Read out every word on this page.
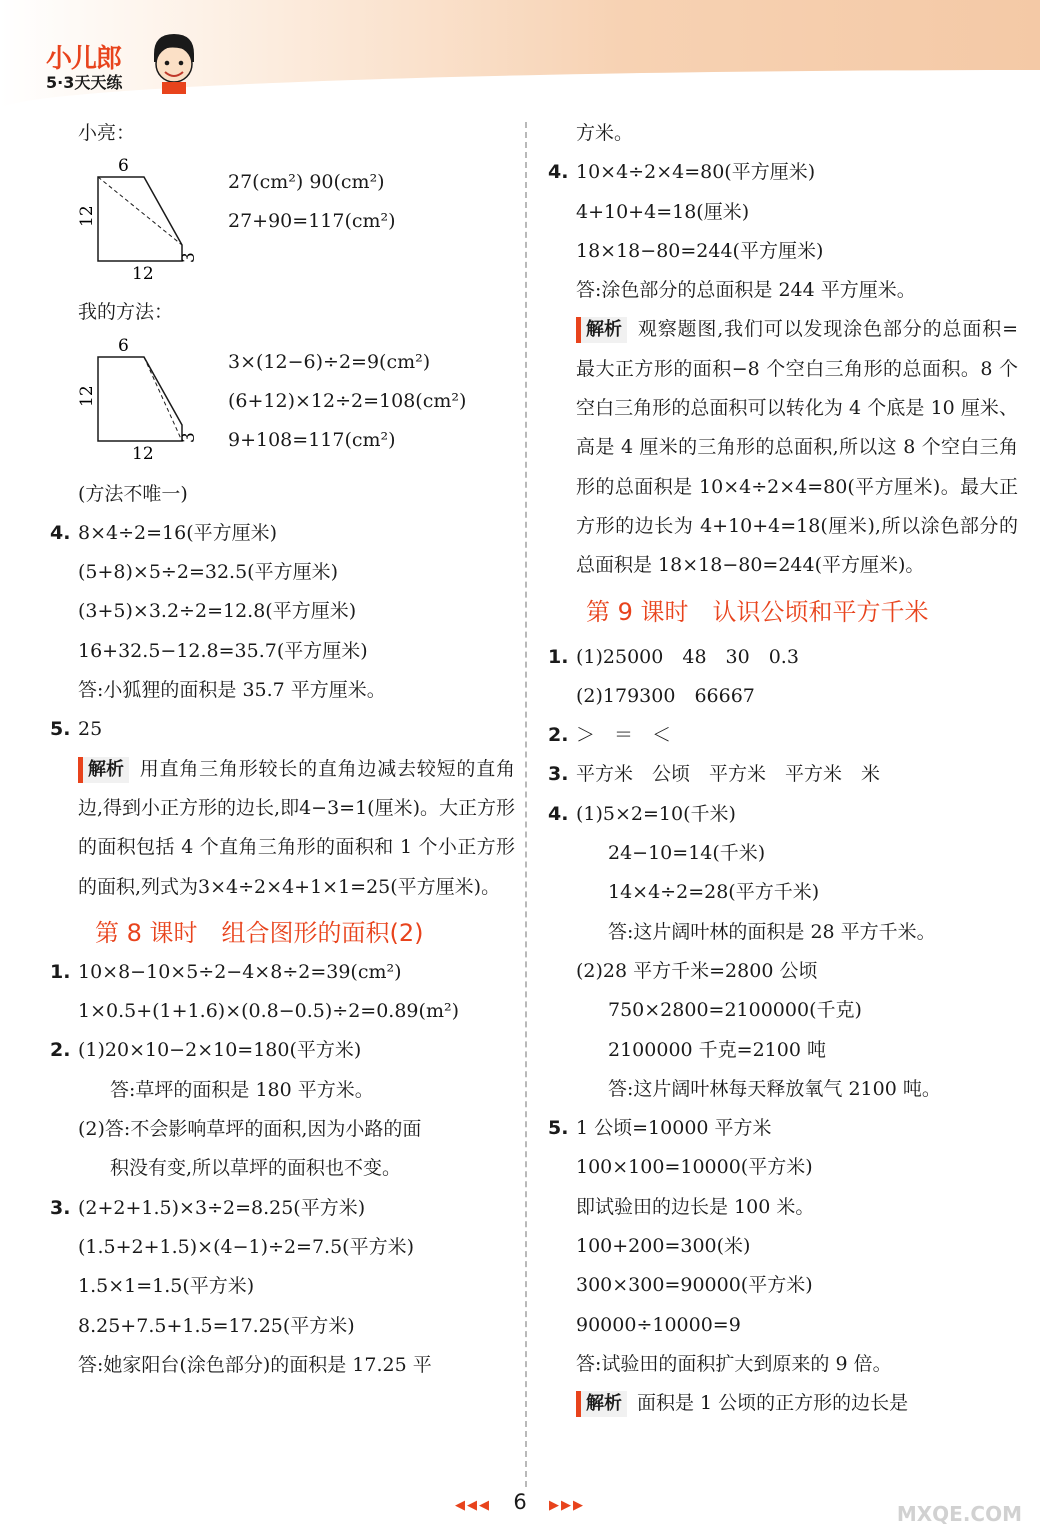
小儿郎
5·3天天练
小亮：
6
12
12
3
27(cm²) 90(cm²)
27+90=117(cm²)
我的方法：
6
12
12
3
3×(12−6)÷2=9(cm²)
(6+12)×12÷2=108(cm²)
9+108=117(cm²)
(方法不唯一)
4. 8×4÷2=16(平方厘米)
(5+8)×5÷2=32.5(平方厘米)
(3+5)×3.2÷2=12.8(平方厘米)
16+32.5−12.8=35.7(平方厘米)
答:小狐狸的面积是 35.7 平方厘米。
5. 25
解析 用直角三角形较长的直角边减去较短的直角边,得到小正方形的边长,即4−3=1(厘米)。大正方形的面积包括 4 个直角三角形的面积和 1 个小正方形的面积,列式为3×4÷2×4+1×1=25(平方厘米)。
第 8 课时　组合图形的面积(2)
1. 10×8−10×5÷2−4×8÷2=39(cm²)
1×0.5+(1+1.6)×(0.8−0.5)÷2=0.89(m²)
2. (1)20×10−2×10=180(平方米)
答:草坪的面积是 180 平方米。
(2)答:不会影响草坪的面积,因为小路的面
积没有变,所以草坪的面积也不变。
3. (2+2+1.5)×3÷2=8.25(平方米)
(1.5+2+1.5)×(4−1)÷2=7.5(平方米)
1.5×1=1.5(平方米)
8.25+7.5+1.5=17.25(平方米)
答:她家阳台(涂色部分)的面积是 17.25 平
方米。
4. 10×4÷2×4=80(平方厘米)
4+10+4=18(厘米)
18×18−80=244(平方厘米)
答:涂色部分的总面积是 244 平方厘米。
解析 观察题图,我们可以发现涂色部分的总面积=最大正方形的面积−8 个空白三角形的总面积。8 个空白三角形的总面积可以转化为 4 个底是 10 厘米、高是 4 厘米的三角形的总面积,所以这 8 个空白三角形的总面积是 10×4÷2×4=80(平方厘米)。最大正方形的边长为 4+10+4=18(厘米),所以涂色部分的总面积是 18×18−80=244(平方厘米)。
第 9 课时　认识公顷和平方千米
1. (1)25000　48　30　0.3
(2)179300　66667
2. ＞　＝　＜
3. 平方米　公顷　平方米　平方米　米
4. (1)5×2=10(千米)
24−10=14(千米)
14×4÷2=28(平方千米)
答:这片阔叶林的面积是 28 平方千米。
(2)28 平方千米=2800 公顷
750×2800=2100000(千克)
2100000 千克=2100 吨
答:这片阔叶林每天释放氧气 2100 吨。
5. 1 公顷=10000 平方米
100×100=10000(平方米)
即试验田的边长是 100 米。
100+200=300(米)
300×300=90000(平方米)
90000÷10000=9
答:试验田的面积扩大到原来的 9 倍。
解析 面积是 1 公顷的正方形的边长是
◀◀◀ 6 ▶▶▶	MXQE.COM
